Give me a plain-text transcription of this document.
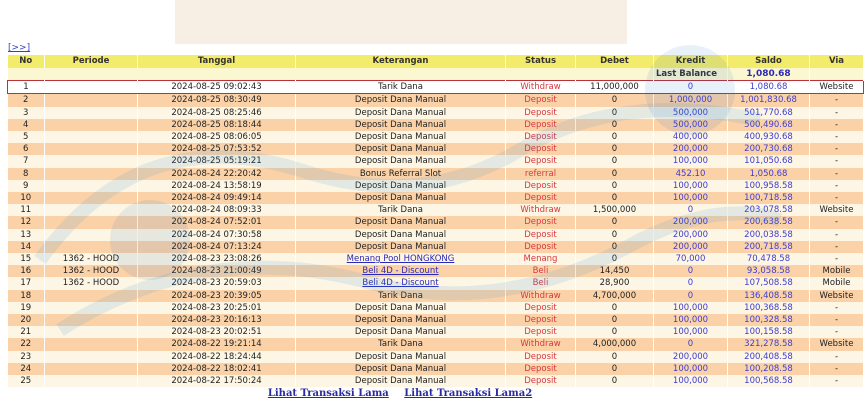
[>>]
No	Periode	Tanggal	Keterangan	Status	Debet	Kredit	Saldo	Via
						Last Balance	1,080.68	
1		2024-08-25 09:02:43	Tarik Dana	Withdraw	11,000,000	0	1,080.68	Website
2		2024-08-25 08:30:49	Deposit Dana Manual	Deposit	0	1,000,000	1,001,830.68	-
3		2024-08-25 08:25:46	Deposit Dana Manual	Deposit	0	500,000	501,770.68	-
4		2024-08-25 08:18:44	Deposit Dana Manual	Deposit	0	500,000	500,490.68	-
5		2024-08-25 08:06:05	Deposit Dana Manual	Deposit	0	400,000	400,930.68	-
6		2024-08-25 07:53:52	Deposit Dana Manual	Deposit	0	200,000	200,730.68	-
7		2024-08-25 05:19:21	Deposit Dana Manual	Deposit	0	100,000	101,050.68	-
8		2024-08-24 22:20:42	Bonus Referral Slot	referral	0	452.10	1,050.68	-
9		2024-08-24 13:58:19	Deposit Dana Manual	Deposit	0	100,000	100,958.58	-
10		2024-08-24 09:49:14	Deposit Dana Manual	Deposit	0	100,000	100,718.58	-
11		2024-08-24 08:09:33	Tarik Dana	Withdraw	1,500,000	0	203,078.58	Website
12		2024-08-24 07:52:01	Deposit Dana Manual	Deposit	0	200,000	200,638.58	-
13		2024-08-24 07:30:58	Deposit Dana Manual	Deposit	0	200,000	200,038.58	-
14		2024-08-24 07:13:24	Deposit Dana Manual	Deposit	0	200,000	200,718.58	-
15	1362 - HOOD	2024-08-23 23:08:26	Menang Pool HONGKONG	Menang	0	70,000	70,478.58	-
16	1362 - HOOD	2024-08-23 21:00:49	Beli 4D - Discount	Beli	14,450	0	93,058.58	Mobile
17	1362 - HOOD	2024-08-23 20:59:03	Beli 4D - Discount	Beli	28,900	0	107,508.58	Mobile
18		2024-08-23 20:39:05	Tarik Dana	Withdraw	4,700,000	0	136,408.58	Website
19		2024-08-23 20:25:01	Deposit Dana Manual	Deposit	0	100,000	100,368.58	-
20		2024-08-23 20:16:13	Deposit Dana Manual	Deposit	0	100,000	100,328.58	-
21		2024-08-23 20:02:51	Deposit Dana Manual	Deposit	0	100,000	100,158.58	-
22		2024-08-22 19:21:14	Tarik Dana	Withdraw	4,000,000	0	321,278.58	Website
23		2024-08-22 18:24:44	Deposit Dana Manual	Deposit	0	200,000	200,408.58	-
24		2024-08-22 18:02:41	Deposit Dana Manual	Deposit	0	100,000	100,208.58	-
25		2024-08-22 17:50:24	Deposit Dana Manual	Deposit	0	100,000	100,568.58	-
Lihat Transaksi Lama Lihat Transaksi Lama2
